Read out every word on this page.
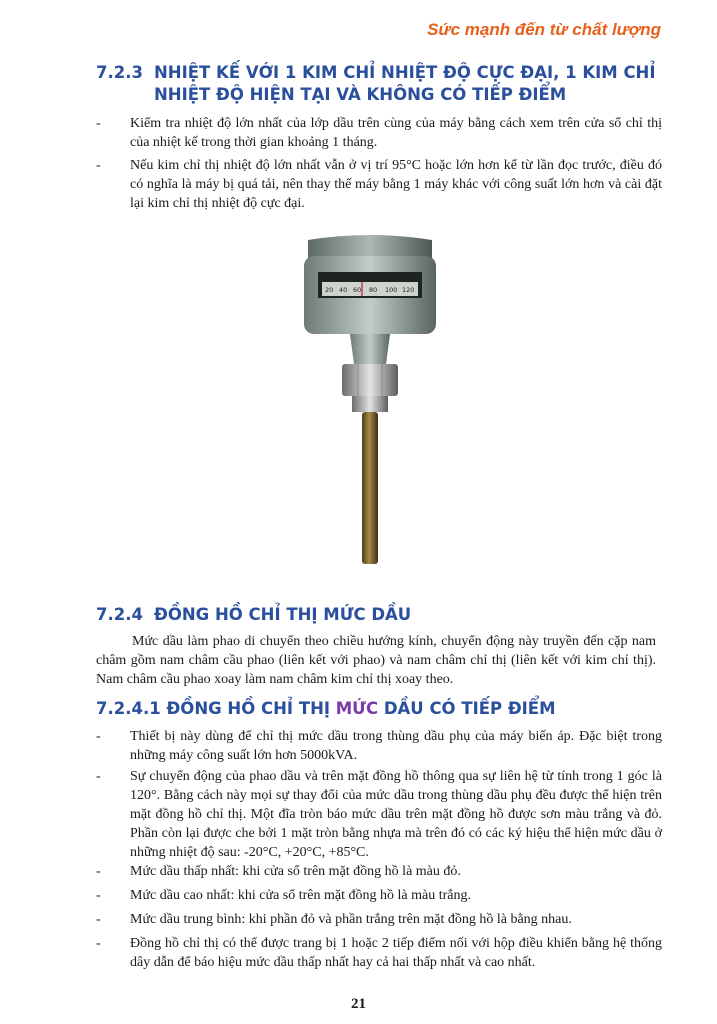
Sức mạnh đến từ chất lượng
7.2.3 NHIỆT KẾ VỚI 1 KIM CHỈ NHIỆT ĐỘ CỰC ĐẠI, 1 KIM CHỈ
NHIỆT ĐỘ HIỆN TẠI VÀ KHÔNG CÓ TIẾP ĐIỂM
-	Kiểm tra nhiệt độ lớn nhất của lớp dầu trên cùng của máy bằng cách xem trên cửa sổ chỉ thị của nhiệt kế trong thời gian khoảng 1 tháng.
-	Nếu kim chỉ thị nhiệt độ lớn nhất vẫn ở vị trí 95°C hoặc lớn hơn kể từ lần đọc trước, điều đó có nghĩa là máy bị quá tải, nên thay thế máy bằng 1 máy khác với công suất lớn hơn và cài đặt lại kim chỉ thị nhiệt độ cực đại.
20 40 60 80 100 120
7.2.4 ĐỒNG HỒ CHỈ THỊ MỨC DẦU
Mức dầu làm phao di chuyển theo chiều hướng kính, chuyển động này truyền đến cặp nam châm gồm nam châm cầu phao (liên kết với phao) và nam châm chỉ thị (liên kết với kim chỉ thị). Nam châm cầu phao xoay làm nam châm kim chỉ thị xoay theo.
7.2.4.1 ĐỒNG HỒ CHỈ THỊ MỨC DẦU CÓ TIẾP ĐIỂM
-	Thiết bị này dùng để chỉ thị mức dầu trong thùng dầu phụ của máy biến áp. Đặc biệt trong những máy công suất lớn hơn 5000kVA.
-	Sự chuyển động của phao dầu và trên mặt đồng hồ thông qua sự liên hệ từ tính trong 1 góc là 120°. Bằng cách này mọi sự thay đổi của mức dầu trong thùng dầu phụ đều được thể hiện trên mặt đồng hồ chỉ thị. Một đĩa tròn báo mức dầu trên mặt đồng hồ được sơn màu trắng và đỏ. Phần còn lại được che bởi 1 mặt tròn bằng nhựa mà trên đó có các ký hiệu thể hiện mức dầu ở những nhiệt độ sau: -20°C, +20°C, +85°C.
-	Mức dầu thấp nhất: khi cửa sổ trên mặt đồng hồ là màu đỏ.
-	Mức dầu cao nhất: khi cửa sổ trên mặt đồng hồ là màu trắng.
-	Mức dầu trung bình: khi phần đỏ và phần trắng trên mặt đồng hồ là bằng nhau.
-	Đồng hồ chỉ thị có thể được trang bị 1 hoặc 2 tiếp điểm nối với hộp điều khiển bằng hệ thống dây dẫn để báo hiệu mức dầu thấp nhất hay cả hai thấp nhất và cao nhất.
21
